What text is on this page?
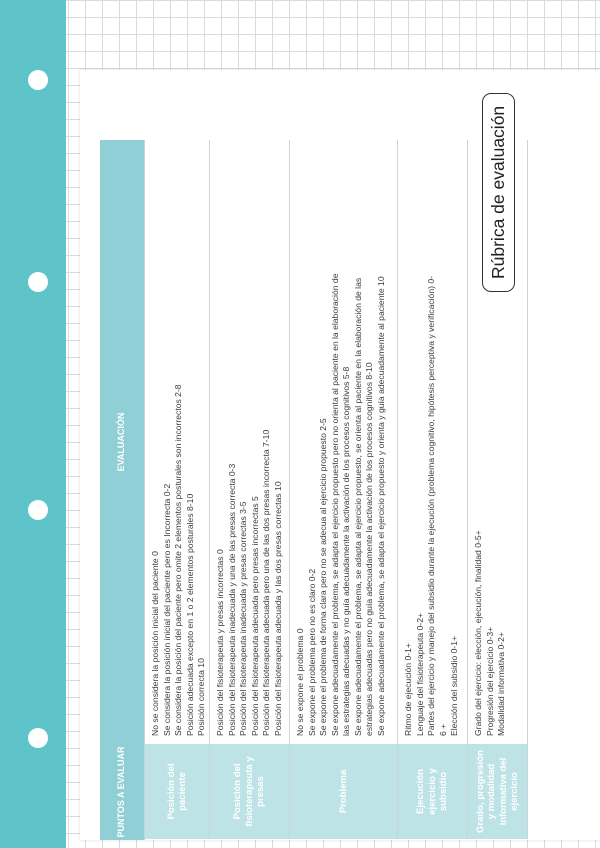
PUNTOS A EVALUAR
EVALUACIÓN
Posición del paciente
No se considera la posición inicial del paciente 0 Se considera la posición inicial del paciente pero es Incorrecta 0-2 Se considera la posición del paciente pero omite 2 elementos posturales son incorrectos 2-8 Posición adecuada excepto en 1 o 2 elementos posturales 8-10 Posición correcta 10
Posición del fisioterapeuta y presas
Posición del fisioterapeuta y presas incorrectas 0 Posición del fisioterapeuta inadecuada y una de las presas correcta 0-3 Posición del fisioterapeuta inadecuada y presas correctas 3-5 Posición del fisioterapeuta adecuada pero presas incorrectas 5 Posición del fisioterapeuta adecuada pero una de las dos presas incorrecta 7-10 Posición del fisioterapeuta adecuada y las dos presas correctas 10
Problema
No se expone el problema 0 Se expone el problema pero no es claro 0-2 Se expone el problema de forma clara pero no se adecua al ejercicio propuesto 2-5 Se expone adecuadamente el problema, se adapta el ejercicio propuesto pero no orienta al paciente en la elaboración de las estrategias adecuadas y no guía adecuadamente la activación de los procesos cognitivos 5-8 Se expone adecuadamente el problema, se adapta al ejercicio propuesto, se orienta al paciente en la elaboración de las estrategias adecuadas pero no guía adecuadamente la activación de los procesos cognitivos 8-10 Se expone adecuadamente el problema, se adapta el ejercicio propuesto y orienta y guía adecuadamente al paciente 10
Ejecución ejercicio y subsidio
Ritmo de ejecución 0-1+ Lenguaje del fisioterapeuta 0-2+ Partes del ejercicio y manejo del subsidio durante la ejecución (problema cognitivo, hipótesis perceptiva y verificación) 0- 6 + Elección del subsidio 0-1+
Grado, progresión y modalidad informativa del ejercicio
Grado del ejercicio: elección, ejecución, finalidad 0-5+ Progresión del ejercicio 0-3+ Modalidad informativa 0-2+
Rúbrica de evaluación
